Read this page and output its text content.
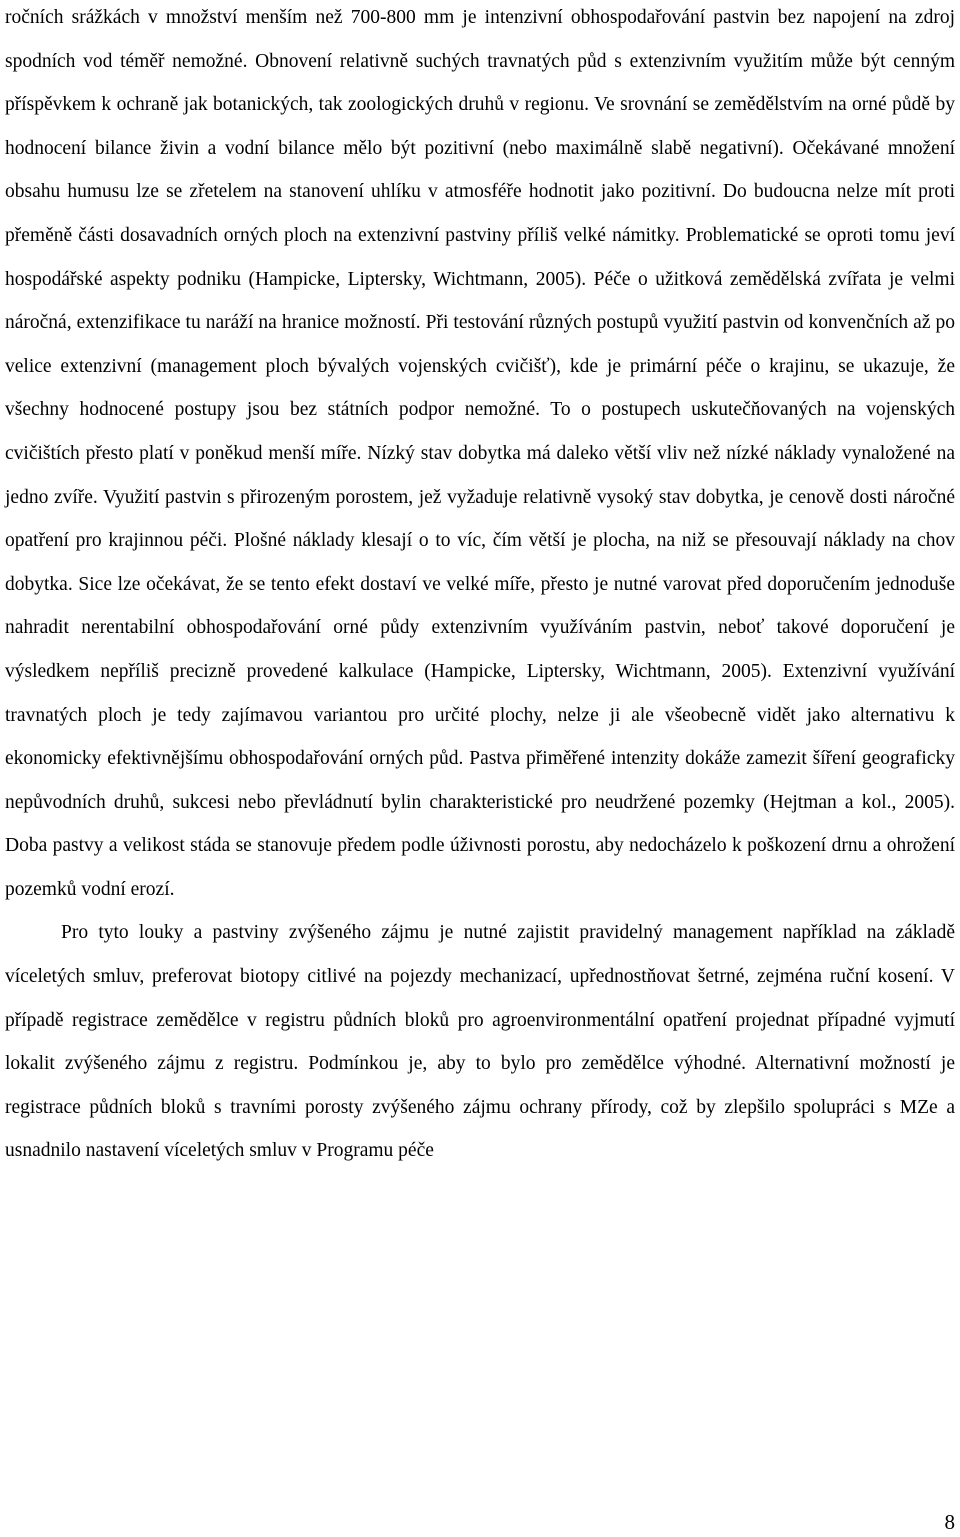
ročních srážkách v množství menším než 700-800 mm je intenzivní obhospodařování pastvin bez napojení na zdroj spodních vod téměř nemožné. Obnovení relativně suchých travnatých půd s extenzivním využitím může být cenným příspěvkem k ochraně jak botanických, tak zoologických druhů v regionu. Ve srovnání se zemědělstvím na orné půdě by hodnocení bilance živin a vodní bilance mělo být pozitivní (nebo maximálně slabě negativní). Očekávané množení obsahu humusu lze se zřetelem na stanovení uhlíku v atmosféře hodnotit jako pozitivní. Do budoucna nelze mít proti přeměně části dosavadních orných ploch na extenzivní pastviny příliš velké námitky. Problematické se oproti tomu jeví hospodářské aspekty podniku (Hampicke, Liptersky, Wichtmann, 2005). Péče o užitková zemědělská zvířata je velmi náročná, extenzifikace tu naráží na hranice možností. Při testování různých postupů využití pastvin od konvenčních až po velice extenzivní (management ploch bývalých vojenských cvičišť), kde je primární péče o krajinu, se ukazuje, že všechny hodnocené postupy jsou bez státních podpor nemožné. To o postupech uskutečňovaných na vojenských cvičištích přesto platí v poněkud menší míře. Nízký stav dobytka má daleko větší vliv než nízké náklady vynaložené na jedno zvíře. Využití pastvin s přirozeným porostem, jež vyžaduje relativně vysoký stav dobytka, je cenově dosti náročné opatření pro krajinnou péči. Plošné náklady klesají o to víc, čím větší je plocha, na niž se přesouvají náklady na chov dobytka. Sice lze očekávat, že se tento efekt dostaví ve velké míře, přesto je nutné varovat před doporučením jednoduše nahradit nerentabilní obhospodařování orné půdy extenzivním využíváním pastvin, neboť takové doporučení je výsledkem nepříliš precizně provedené kalkulace (Hampicke, Liptersky, Wichtmann, 2005). Extenzivní využívání travnatých ploch je tedy zajímavou variantou pro určité plochy, nelze ji ale všeobecně vidět jako alternativu k ekonomicky efektivnějšímu obhospodařování orných půd. Pastva přiměřené intenzity dokáže zamezit šíření geograficky nepůvodních druhů, sukcesi nebo převládnutí bylin charakteristické pro neudržené pozemky (Hejtman a kol., 2005). Doba pastvy a velikost stáda se stanovuje předem podle úživnosti porostu, aby nedocházelo k poškození drnu a ohrožení pozemků vodní erozí.

Pro tyto louky a pastviny zvýšeného zájmu je nutné zajistit pravidelný management například na základě víceletých smluv, preferovat biotopy citlivé na pojezdy mechanizací, upřednostňovat šetrné, zejména ruční kosení. V případě registrace zemědělce v registru půdních bloků pro agroenvironmentální opatření projednat případné vyjmutí lokalit zvýšeného zájmu z registru. Podmínkou je, aby to bylo pro zemědělce výhodné. Alternativní možností je registrace půdních bloků s travními porosty zvýšeného zájmu ochrany přírody, což by zlepšilo spolupráci s MZe a usnadnilo nastavení víceletých smluv v Programu péče

8
